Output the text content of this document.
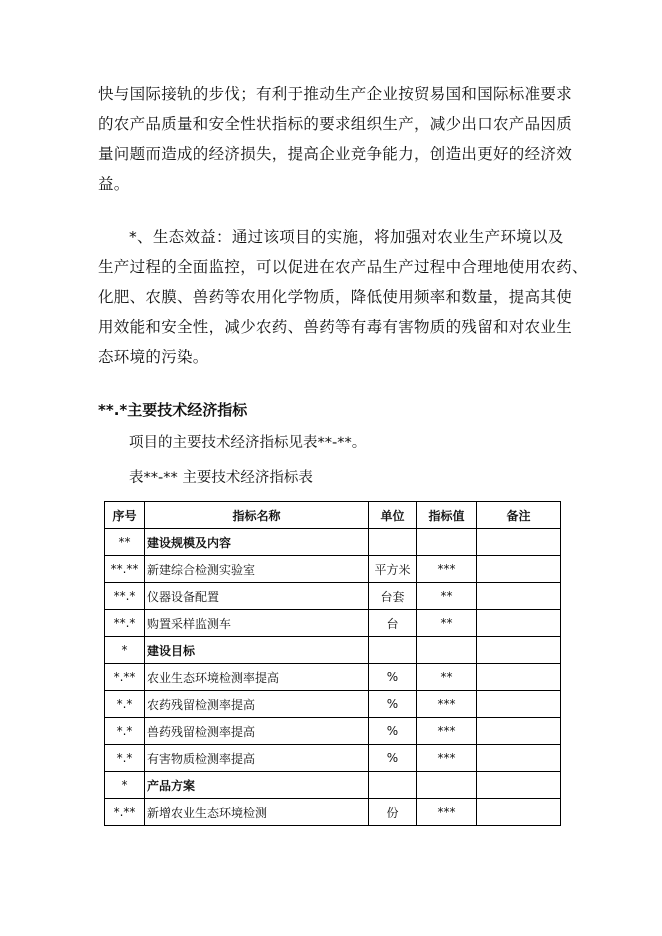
快与国际接轨的步伐；有利于推动生产企业按贸易国和国际标准要求
的农产品质量和安全性状指标的要求组织生产，减少出口农产品因质
量问题而造成的经济损失，提高企业竞争能力，创造出更好的经济效
益。
*、生态效益：通过该项目的实施，将加强对农业生产环境以及
生产过程的全面监控，可以促进在农产品生产过程中合理地使用农药、
化肥、农膜、兽药等农用化学物质，降低使用频率和数量，提高其使
用效能和安全性，减少农药、兽药等有毒有害物质的残留和对农业生
态环境的污染。
**.*主要技术经济指标
项目的主要技术经济指标见表**-**。
表**-** 主要技术经济指标表
序号	指标名称	单位	指标值	备注
**	建设规模及内容			
**.**	新建综合检测实验室	平方米	***	
**.*	仪器设备配置	台套	**	
**.*	购置采样监测车	台	**	
*	建设目标			
*.**	农业生态环境检测率提高	%	**	
*.*	农药残留检测率提高	%	***	
*.*	兽药残留检测率提高	%	***	
*.*	有害物质检测率提高	%	***	
*	产品方案			
*.**	新增农业生态环境检测	份	***	
